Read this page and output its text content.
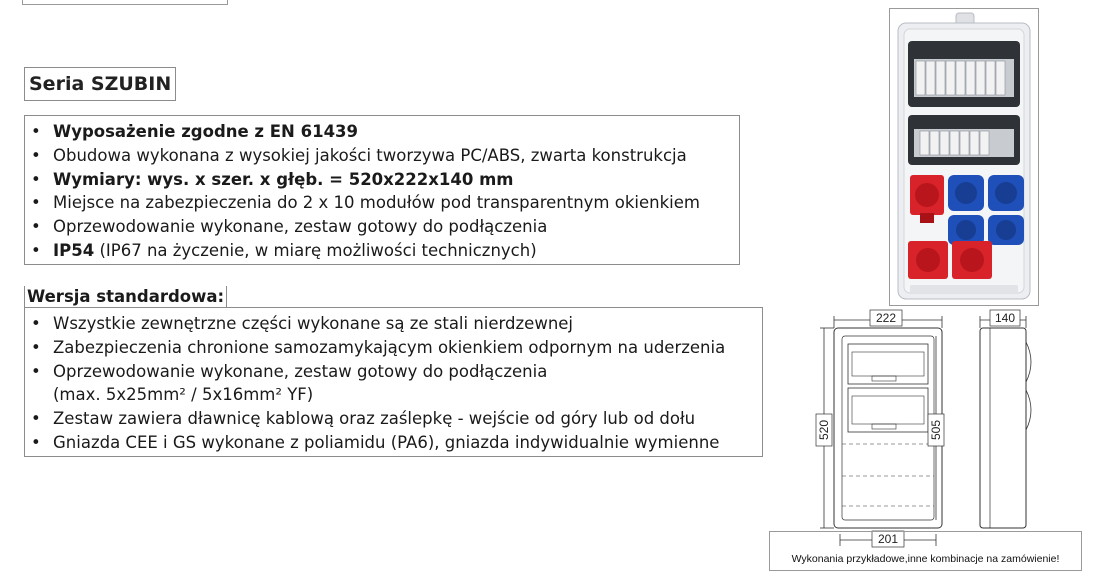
Seria SZUBIN
• Wyposażenie zgodne z EN 61439
• Obudowa wykonana z wysokiej jakości tworzywa PC/ABS, zwarta konstrukcja
• Wymiary: wys. x szer. x głęb. = 520x222x140 mm
• Miejsce na zabezpieczenia do 2 x 10 modułów pod transparentnym okienkiem
• Oprzewodowanie wykonane, zestaw gotowy do podłączenia
• IP54 (IP67 na życzenie, w miarę możliwości technicznych)
Wersja standardowa:
• Wszystkie zewnętrzne części wykonane są ze stali nierdzewnej
• Zabezpieczenia chronione samozamykającym okienkiem odpornym na uderzenia
• Oprzewodowanie wykonane, zestaw gotowy do podłączenia
(max. 5x25mm² / 5x16mm² YF)
• Zestaw zawiera dławnicę kablową oraz zaślepkę - wejście od góry lub od dołu
• Gniazda CEE i GS wykonane z poliamidu (PA6), gniazda indywidualnie wymienne
222	140
520	505
201
Wykonania przykładowe,inne kombinacje na zamówienie!
